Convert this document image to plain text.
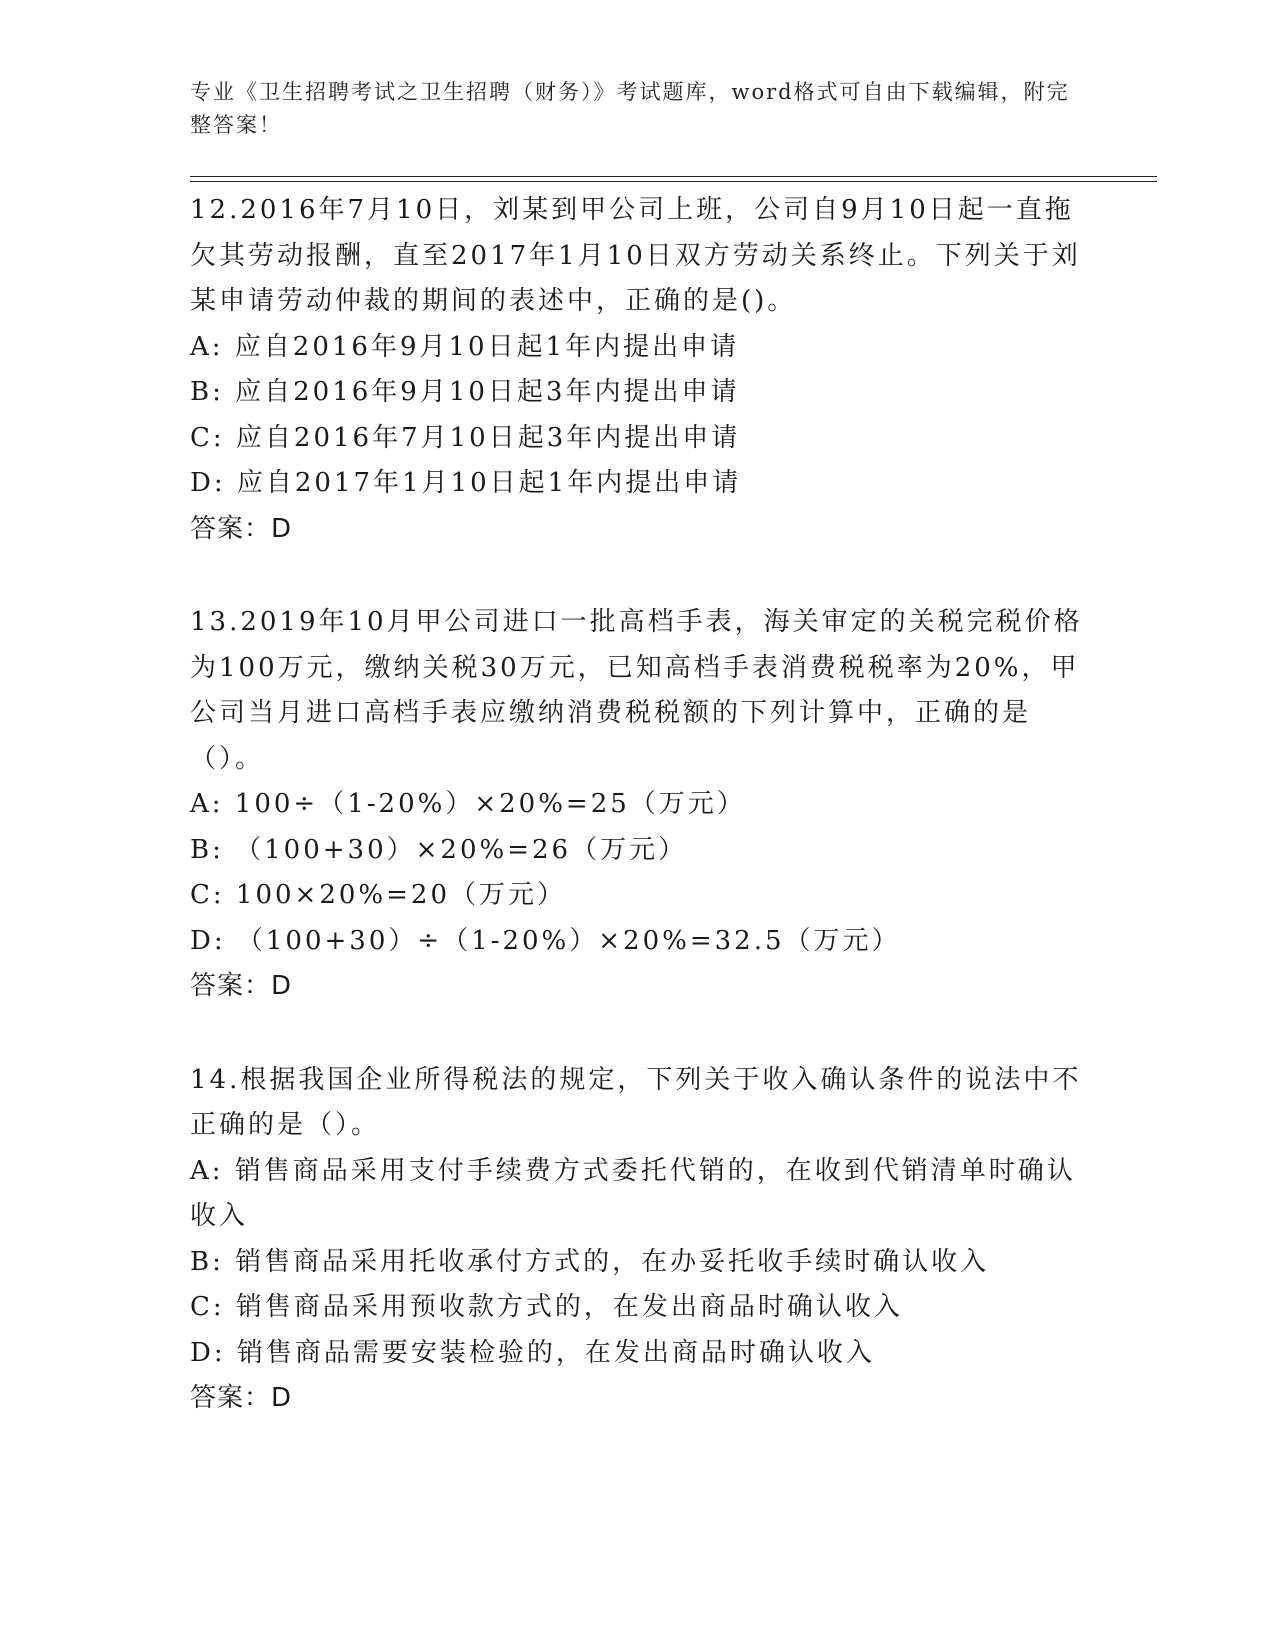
专业《卫生招聘考试之卫生招聘（财务）》考试题库，word格式可自由下载编辑，附完整答案！

12.2016年7月10日，刘某到甲公司上班，公司自9月10日起一直拖欠其劳动报酬，直至2017年1月10日双方劳动关系终止。下列关于刘某申请劳动仲裁的期间的表述中，正确的是()。

A: 应自2016年9月10日起1年内提出申请

B: 应自2016年9月10日起3年内提出申请

C: 应自2016年7月10日起3年内提出申请

D: 应自2017年1月10日起1年内提出申请

答案：D

13.2019年10月甲公司进口一批高档手表，海关审定的关税完税价格为100万元，缴纳关税30万元，已知高档手表消费税税率为20%，甲公司当月进口高档手表应缴纳消费税税额的下列计算中，正确的是（）。

A: 100÷（1-20%）×20%=25（万元）

B: （100+30）×20%=26（万元）

C: 100×20%=20（万元）

D: （100+30）÷（1-20%）×20%=32.5（万元）

答案：D

14.根据我国企业所得税法的规定，下列关于收入确认条件的说法中不正确的是（）。

A: 销售商品采用支付手续费方式委托代销的，在收到代销清单时确认收入

B: 销售商品采用托收承付方式的，在办妥托收手续时确认收入

C: 销售商品采用预收款方式的，在发出商品时确认收入

D: 销售商品需要安装检验的，在发出商品时确认收入

答案：D
